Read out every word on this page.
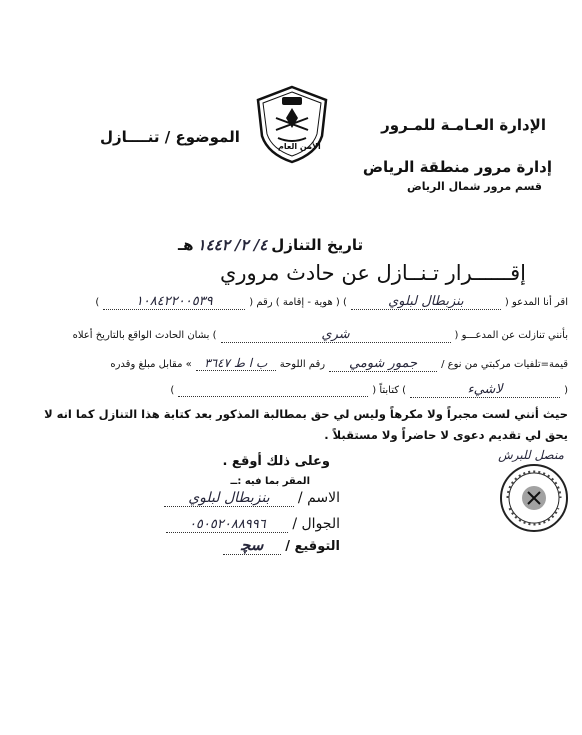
الإدارة العـامـة للمـرور
إدارة مرور منطقة الرياض
قسم مرور شمال الرياض
الأمن العام
الموضوع / تنــــازل
تاريخ التنازل
٤/ ٢/ ١٤٤٢
هـ
إقــــــرار تـنــازل عن حادث مروري
اقر أنا المدعو (
بنزبطال لبلوي
) ( هوية - إقامة ) رقم (
١٠٨٤٢٢٠٠٥٣٩
)
بأنني تنازلت عن المدعـــو (
شري
) بشان الحادث الواقع بالتاريخ أعلاه
قيمة=تلفيات مركبتي من نوع /
جمور شومي
رقم اللوحة
ب ا ط ٣٦٤٧
» مقابل مبلغ وقدره
(
لاشيء
) كتابتاً (

)
حيث أنني لست مجبراً ولا مكرهاً وليس لي حق بمطالبة المذكور بعد كتابة هذا التنازل كما انه لا
يحق لي تقديم دعوى لا حاضراً ولا مستقبلاً .
وعلى ذلك أوقع .
المقر بما فيه :ــ
الاسم /
بنزبطال لبلوي
الجوال /
٠٥٠٥٢٠٨٨٩٩٦
التوقيع /
ﺳﭽ
منصل للبرش
